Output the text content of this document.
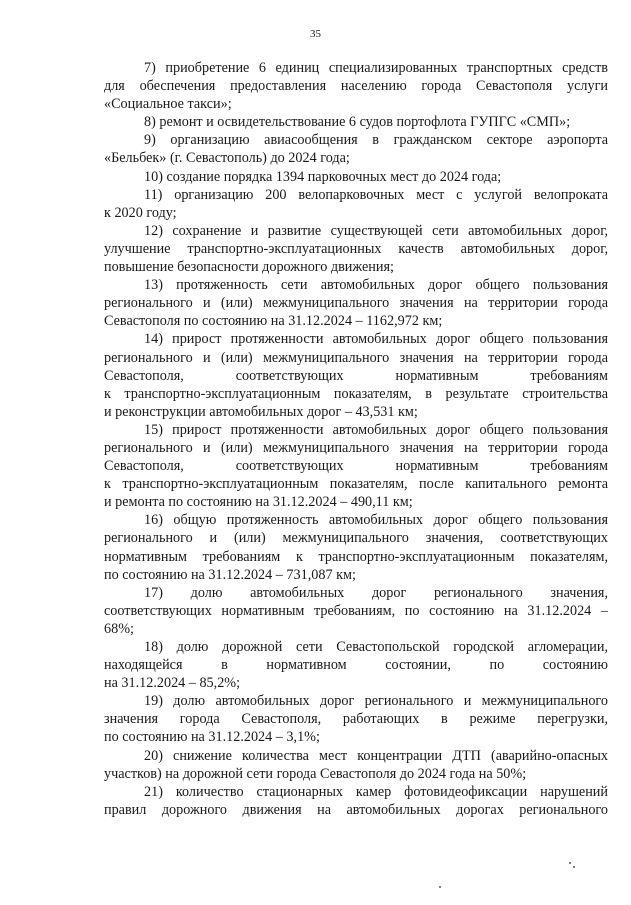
35
7) приобретение 6 единиц специализированных транспортных средств
для обеспечения предоставления населению города Севастополя услуги
«Социальное такси»;
8) ремонт и освидетельствование 6 судов портофлота ГУПГС «СМП»;
9) организацию авиасообщения в гражданском секторе аэропорта
«Бельбек» (г. Севастополь) до 2024 года;
10) создание порядка 1394 парковочных мест до 2024 года;
11) организацию 200 велопарковочных мест с услугой велопроката
к 2020 году;
12) сохранение и развитие существующей сети автомобильных дорог,
улучшение транспортно-эксплуатационных качеств автомобильных дорог,
повышение безопасности дорожного движения;
13) протяженность сети автомобильных дорог общего пользования
регионального и (или) межмуниципального значения на территории города
Севастополя по состоянию на 31.12.2024 – 1162,972 км;
14) прирост протяженности автомобильных дорог общего пользования
регионального и (или) межмуниципального значения на территории города
Севастополя, соответствующих нормативным требованиям
к транспортно-эксплуатационным показателям, в результате строительства
и реконструкции автомобильных дорог – 43,531 км;
15) прирост протяженности автомобильных дорог общего пользования
регионального и (или) межмуниципального значения на территории города
Севастополя, соответствующих нормативным требованиям
к транспортно-эксплуатационным показателям, после капитального ремонта
и ремонта по состоянию на 31.12.2024 – 490,11 км;
16) общую протяженность автомобильных дорог общего пользования
регионального и (или) межмуниципального значения, соответствующих
нормативным требованиям к транспортно-эксплуатационным показателям,
по состоянию на 31.12.2024 – 731,087 км;
17) долю автомобильных дорог регионального значения,
соответствующих нормативным требованиям, по состоянию на 31.12.2024 –
68%;
18) долю дорожной сети Севастопольской городской агломерации,
находящейся в нормативном состоянии, по состоянию
на 31.12.2024 – 85,2%;
19) долю автомобильных дорог регионального и межмуниципального
значения города Севастополя, работающих в режиме перегрузки,
по состоянию на 31.12.2024 – 3,1%;
20) снижение количества мест концентрации ДТП (аварийно-опасных
участков) на дорожной сети города Севастополя до 2024 года на 50%;
21) количество стационарных камер фотовидеофиксации нарушений
правил дорожного движения на автомобильных дорогах регионального
